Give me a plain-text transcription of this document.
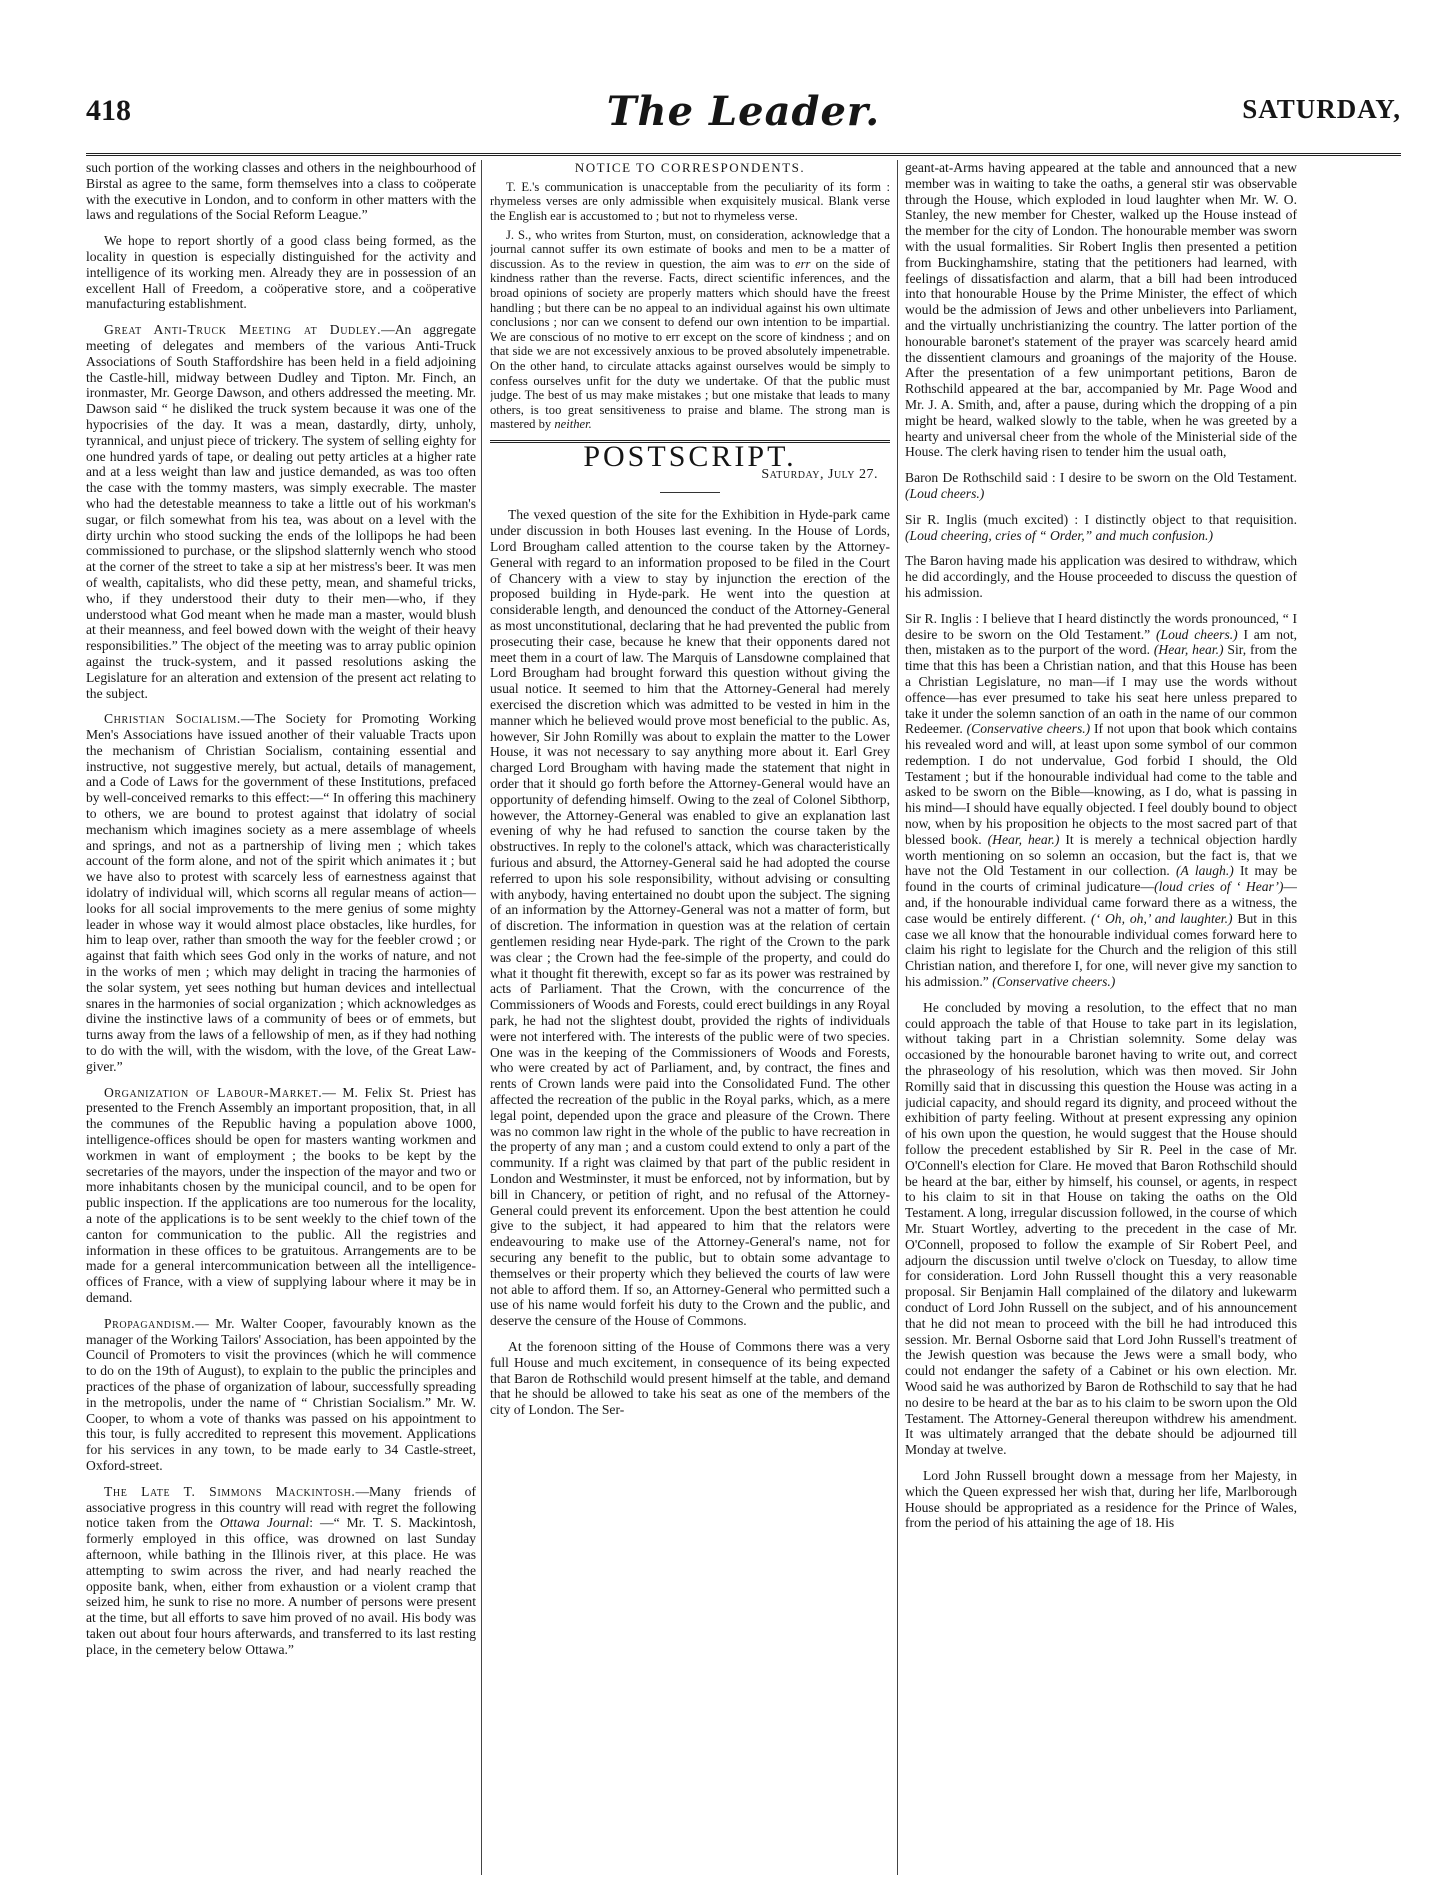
418	The Leader.	SATURDAY,

such portion of the working classes and others in the neighbourhood of Birstal as agree to the same, form themselves into a class to coöperate with the executive in London, and to conform in other matters with the laws and regulations of the Social Reform League.”

We hope to report shortly of a good class being formed, as the locality in question is especially distinguished for the activity and intelligence of its working men. Already they are in possession of an excellent Hall of Freedom, a coöperative store, and a coöperative manufacturing establishment.

Great Anti-Truck Meeting at Dudley.—An aggregate meeting of delegates and members of the various Anti-Truck Associations of South Staffordshire has been held in a field adjoining the Castle-hill, midway between Dudley and Tipton. Mr. Finch, an ironmaster, Mr. George Dawson, and others addressed the meeting. Mr. Dawson said “ he disliked the truck system because it was one of the hypocrisies of the day. It was a mean, dastardly, dirty, unholy, tyrannical, and unjust piece of trickery. The system of selling eighty for one hundred yards of tape, or dealing out petty articles at a higher rate and at a less weight than law and justice demanded, as was too often the case with the tommy masters, was simply execrable. The master who had the detestable meanness to take a little out of his workman's sugar, or filch somewhat from his tea, was about on a level with the dirty urchin who stood sucking the ends of the lollipops he had been commissioned to purchase, or the slipshod slatternly wench who stood at the corner of the street to take a sip at her mistress's beer. It was men of wealth, capitalists, who did these petty, mean, and shameful tricks, who, if they understood their duty to their men—who, if they understood what God meant when he made man a master, would blush at their meanness, and feel bowed down with the weight of their heavy responsibilities.” The object of the meeting was to array public opinion against the truck-system, and it passed resolutions asking the Legislature for an alteration and extension of the present act relating to the subject.

Christian Socialism.—The Society for Promoting Working Men's Associations have issued another of their valuable Tracts upon the mechanism of Christian Socialism, containing essential and instructive, not suggestive merely, but actual, details of management, and a Code of Laws for the government of these Institutions, prefaced by well-conceived remarks to this effect:—“ In offering this machinery to others, we are bound to protest against that idolatry of social mechanism which imagines society as a mere assemblage of wheels and springs, and not as a partnership of living men ; which takes account of the form alone, and not of the spirit which animates it ; but we have also to protest with scarcely less of earnestness against that idolatry of individual will, which scorns all regular means of action—looks for all social improvements to the mere genius of some mighty leader in whose way it would almost place obstacles, like hurdles, for him to leap over, rather than smooth the way for the feebler crowd ; or against that faith which sees God only in the works of nature, and not in the works of men ; which may delight in tracing the harmonies of the solar system, yet sees nothing but human devices and intellectual snares in the harmonies of social organization ; which acknowledges as divine the instinctive laws of a community of bees or of emmets, but turns away from the laws of a fellowship of men, as if they had nothing to do with the will, with the wisdom, with the love, of the Great Law-giver.”

Organization of Labour-Market.— M. Felix St. Priest has presented to the French Assembly an important proposition, that, in all the communes of the Republic having a population above 1000, intelligence-offices should be open for masters wanting workmen and workmen in want of employment ; the books to be kept by the secretaries of the mayors, under the inspection of the mayor and two or more inhabitants chosen by the municipal council, and to be open for public inspection. If the applications are too numerous for the locality, a note of the applications is to be sent weekly to the chief town of the canton for communication to the public. All the registries and information in these offices to be gratuitous. Arrangements are to be made for a general intercommunication between all the intelligence-offices of France, with a view of supplying labour where it may be in demand.

Propagandism.— Mr. Walter Cooper, favourably known as the manager of the Working Tailors' Association, has been appointed by the Council of Promoters to visit the provinces (which he will commence to do on the 19th of August), to explain to the public the principles and practices of the phase of organization of labour, successfully spreading in the metropolis, under the name of “ Christian Socialism.” Mr. W. Cooper, to whom a vote of thanks was passed on his appointment to this tour, is fully accredited to represent this movement. Applications for his services in any town, to be made early to 34 Castle-street, Oxford-street.

The Late T. Simmons Mackintosh.—Many friends of associative progress in this country will read with regret the following notice taken from the Ottawa Journal: —“ Mr. T. S. Mackintosh, formerly employed in this office, was drowned on last Sunday afternoon, while bathing in the Illinois river, at this place. He was attempting to swim across the river, and had nearly reached the opposite bank, when, either from exhaustion or a violent cramp that seized him, he sunk to rise no more. A number of persons were present at the time, but all efforts to save him proved of no avail. His body was taken out about four hours afterwards, and transferred to its last resting place, in the cemetery below Ottawa.”

NOTICE TO CORRESPONDENTS.

T. E.'s communication is unacceptable from the peculiarity of its form : rhymeless verses are only admissible when exquisitely musical. Blank verse the English ear is accustomed to ; but not to rhymeless verse.

J. S., who writes from Sturton, must, on consideration, acknowledge that a journal cannot suffer its own estimate of books and men to be a matter of discussion. As to the review in question, the aim was to err on the side of kindness rather than the reverse. Facts, direct scientific inferences, and the broad opinions of society are properly matters which should have the freest handling ; but there can be no appeal to an individual against his own ultimate conclusions ; nor can we consent to defend our own intention to be impartial. We are conscious of no motive to err except on the score of kindness ; and on that side we are not excessively anxious to be proved absolutely impenetrable. On the other hand, to circulate attacks against ourselves would be simply to confess ourselves unfit for the duty we undertake. Of that the public must judge. The best of us may make mistakes ; but one mistake that leads to many others, is too great sensitiveness to praise and blame. The strong man is mastered by neither.

POSTSCRIPT.
Saturday, July 27.

The vexed question of the site for the Exhibition in Hyde-park came under discussion in both Houses last evening. In the House of Lords, Lord Brougham called attention to the course taken by the Attorney-General with regard to an information proposed to be filed in the Court of Chancery with a view to stay by injunction the erection of the proposed building in Hyde-park. He went into the question at considerable length, and denounced the conduct of the Attorney-General as most unconstitutional, declaring that he had prevented the public from prosecuting their case, because he knew that their opponents dared not meet them in a court of law. The Marquis of Lansdowne complained that Lord Brougham had brought forward this question without giving the usual notice. It seemed to him that the Attorney-General had merely exercised the discretion which was admitted to be vested in him in the manner which he believed would prove most beneficial to the public. As, however, Sir John Romilly was about to explain the matter to the Lower House, it was not necessary to say anything more about it. Earl Grey charged Lord Brougham with having made the statement that night in order that it should go forth before the Attorney-General would have an opportunity of defending himself. Owing to the zeal of Colonel Sibthorp, however, the Attorney-General was enabled to give an explanation last evening of why he had refused to sanction the course taken by the obstructives. In reply to the colonel's attack, which was characteristically furious and absurd, the Attorney-General said he had adopted the course referred to upon his sole responsibility, without advising or consulting with anybody, having entertained no doubt upon the subject. The signing of an information by the Attorney-General was not a matter of form, but of discretion. The information in question was at the relation of certain gentlemen residing near Hyde-park. The right of the Crown to the park was clear ; the Crown had the fee-simple of the property, and could do what it thought fit therewith, except so far as its power was restrained by acts of Parliament. That the Crown, with the concurrence of the Commissioners of Woods and Forests, could erect buildings in any Royal park, he had not the slightest doubt, provided the rights of individuals were not interfered with. The interests of the public were of two species. One was in the keeping of the Commissioners of Woods and Forests, who were created by act of Parliament, and, by contract, the fines and rents of Crown lands were paid into the Consolidated Fund. The other affected the recreation of the public in the Royal parks, which, as a mere legal point, depended upon the grace and pleasure of the Crown. There was no common law right in the whole of the public to have recreation in the property of any man ; and a custom could extend to only a part of the community. If a right was claimed by that part of the public resident in London and Westminster, it must be enforced, not by information, but by bill in Chancery, or petition of right, and no refusal of the Attorney-General could prevent its enforcement. Upon the best attention he could give to the subject, it had appeared to him that the relators were endeavouring to make use of the Attorney-General's name, not for securing any benefit to the public, but to obtain some advantage to themselves or their property which they believed the courts of law were not able to afford them. If so, an Attorney-General who permitted such a use of his name would forfeit his duty to the Crown and the public, and deserve the censure of the House of Commons.

At the forenoon sitting of the House of Commons there was a very full House and much excitement, in consequence of its being expected that Baron de Rothschild would present himself at the table, and demand that he should be allowed to take his seat as one of the members of the city of London. The Ser-

geant-at-Arms having appeared at the table and announced that a new member was in waiting to take the oaths, a general stir was observable through the House, which exploded in loud laughter when Mr. W. O. Stanley, the new member for Chester, walked up the House instead of the member for the city of London. The honourable member was sworn with the usual formalities. Sir Robert Inglis then presented a petition from Buckinghamshire, stating that the petitioners had learned, with feelings of dissatisfaction and alarm, that a bill had been introduced into that honourable House by the Prime Minister, the effect of which would be the admission of Jews and other unbelievers into Parliament, and the virtually unchristianizing the country. The latter portion of the honourable baronet's statement of the prayer was scarcely heard amid the dissentient clamours and groanings of the majority of the House. After the presentation of a few unimportant petitions, Baron de Rothschild appeared at the bar, accompanied by Mr. Page Wood and Mr. J. A. Smith, and, after a pause, during which the dropping of a pin might be heard, walked slowly to the table, when he was greeted by a hearty and universal cheer from the whole of the Ministerial side of the House. The clerk having risen to tender him the usual oath,

Baron De Rothschild said : I desire to be sworn on the Old Testament. (Loud cheers.)

Sir R. Inglis (much excited) : I distinctly object to that requisition. (Loud cheering, cries of “ Order,” and much confusion.)

The Baron having made his application was desired to withdraw, which he did accordingly, and the House proceeded to discuss the question of his admission.

Sir R. Inglis : I believe that I heard distinctly the words pronounced, “ I desire to be sworn on the Old Testament.” (Loud cheers.) I am not, then, mistaken as to the purport of the word. (Hear, hear.) Sir, from the time that this has been a Christian nation, and that this House has been a Christian Legislature, no man—if I may use the words without offence—has ever presumed to take his seat here unless prepared to take it under the solemn sanction of an oath in the name of our common Redeemer. (Conservative cheers.) If not upon that book which contains his revealed word and will, at least upon some symbol of our common redemption. I do not undervalue, God forbid I should, the Old Testament ; but if the honourable individual had come to the table and asked to be sworn on the Bible—knowing, as I do, what is passing in his mind—I should have equally objected. I feel doubly bound to object now, when by his proposition he objects to the most sacred part of that blessed book. (Hear, hear.) It is merely a technical objection hardly worth mentioning on so solemn an occasion, but the fact is, that we have not the Old Testament in our collection. (A laugh.) It may be found in the courts of criminal judicature—(loud cries of ‘ Hear’)—and, if the honourable individual came forward there as a witness, the case would be entirely different. (‘ Oh, oh,’ and laughter.) But in this case we all know that the honourable individual comes forward here to claim his right to legislate for the Church and the religion of this still Christian nation, and therefore I, for one, will never give my sanction to his admission.” (Conservative cheers.)

He concluded by moving a resolution, to the effect that no man could approach the table of that House to take part in its legislation, without taking part in a Christian solemnity. Some delay was occasioned by the honourable baronet having to write out, and correct the phraseology of his resolution, which was then moved. Sir John Romilly said that in discussing this question the House was acting in a judicial capacity, and should regard its dignity, and proceed without the exhibition of party feeling. Without at present expressing any opinion of his own upon the question, he would suggest that the House should follow the precedent established by Sir R. Peel in the case of Mr. O'Connell's election for Clare. He moved that Baron Rothschild should be heard at the bar, either by himself, his counsel, or agents, in respect to his claim to sit in that House on taking the oaths on the Old Testament. A long, irregular discussion followed, in the course of which Mr. Stuart Wortley, adverting to the precedent in the case of Mr. O'Connell, proposed to follow the example of Sir Robert Peel, and adjourn the discussion until twelve o'clock on Tuesday, to allow time for consideration. Lord John Russell thought this a very reasonable proposal. Sir Benjamin Hall complained of the dilatory and lukewarm conduct of Lord John Russell on the subject, and of his announcement that he did not mean to proceed with the bill he had introduced this session. Mr. Bernal Osborne said that Lord John Russell's treatment of the Jewish question was because the Jews were a small body, who could not endanger the safety of a Cabinet or his own election. Mr. Wood said he was authorized by Baron de Rothschild to say that he had no desire to be heard at the bar as to his claim to be sworn upon the Old Testament. The Attorney-General thereupon withdrew his amendment. It was ultimately arranged that the debate should be adjourned till Monday at twelve.

Lord John Russell brought down a message from her Majesty, in which the Queen expressed her wish that, during her life, Marlborough House should be appropriated as a residence for the Prince of Wales, from the period of his attaining the age of 18. His
